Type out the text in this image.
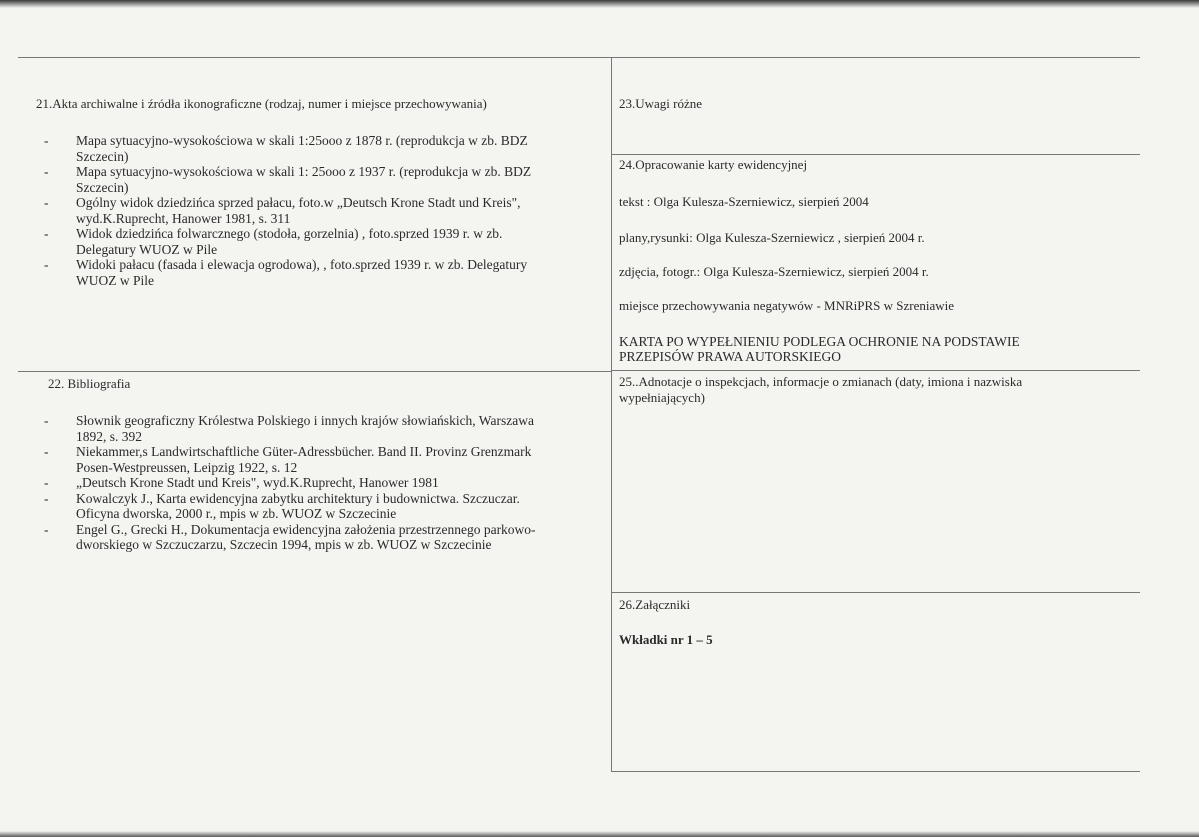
21.Akta archiwalne i źródła ikonograficzne (rodzaj, numer i miejsce przechowywania)
- Mapa sytuacyjno-wysokościowa w skali 1:25ooo z 1878 r. (reprodukcja w zb. BDZ
Szczecin)
- Mapa sytuacyjno-wysokościowa w skali 1: 25ooo z 1937 r. (reprodukcja w zb. BDZ
Szczecin)
- Ogólny widok dziedzińca sprzed pałacu, foto.w „Deutsch Krone Stadt und Kreis",
wyd.K.Ruprecht, Hanower 1981, s. 311
- Widok dziedzińca folwarcznego (stodoła, gorzelnia) , foto.sprzed 1939 r. w zb.
Delegatury WUOZ w Pile
- Widoki pałacu (fasada i elewacja ogrodowa), , foto.sprzed 1939 r. w zb. Delegatury
WUOZ w Pile
22. Bibliografia
- Słownik geograficzny Królestwa Polskiego i innych krajów słowiańskich, Warszawa
1892, s. 392
- Niekammer,s Landwirtschaftliche Güter-Adressbücher. Band II. Provinz Grenzmark
Posen-Westpreussen, Leipzig 1922, s. 12
- „Deutsch Krone Stadt und Kreis", wyd.K.Ruprecht, Hanower 1981
- Kowalczyk J., Karta ewidencyjna zabytku architektury i budownictwa. Szczuczar.
Oficyna dworska, 2000 r., mpis w zb. WUOZ w Szczecinie
- Engel G., Grecki H., Dokumentacja ewidencyjna założenia przestrzennego parkowo-
dworskiego w Szczuczarzu, Szczecin 1994, mpis w zb. WUOZ w Szczecinie
23.Uwagi różne
24.Opracowanie karty ewidencyjnej
tekst : Olga Kulesza-Szerniewicz, sierpień 2004
plany,rysunki: Olga Kulesza-Szerniewicz , sierpień 2004 r.
zdjęcia, fotogr.: Olga Kulesza-Szerniewicz, sierpień 2004 r.
miejsce przechowywania negatywów - MNRiPRS w Szreniawie
KARTA PO WYPEŁNIENIU PODLEGA OCHRONIE NA PODSTAWIE
PRZEPISÓW PRAWA AUTORSKIEGO
25..Adnotacje o inspekcjach, informacje o zmianach (daty, imiona i nazwiska
wypełniających)
26.Załączniki
Wkładki nr 1 – 5
